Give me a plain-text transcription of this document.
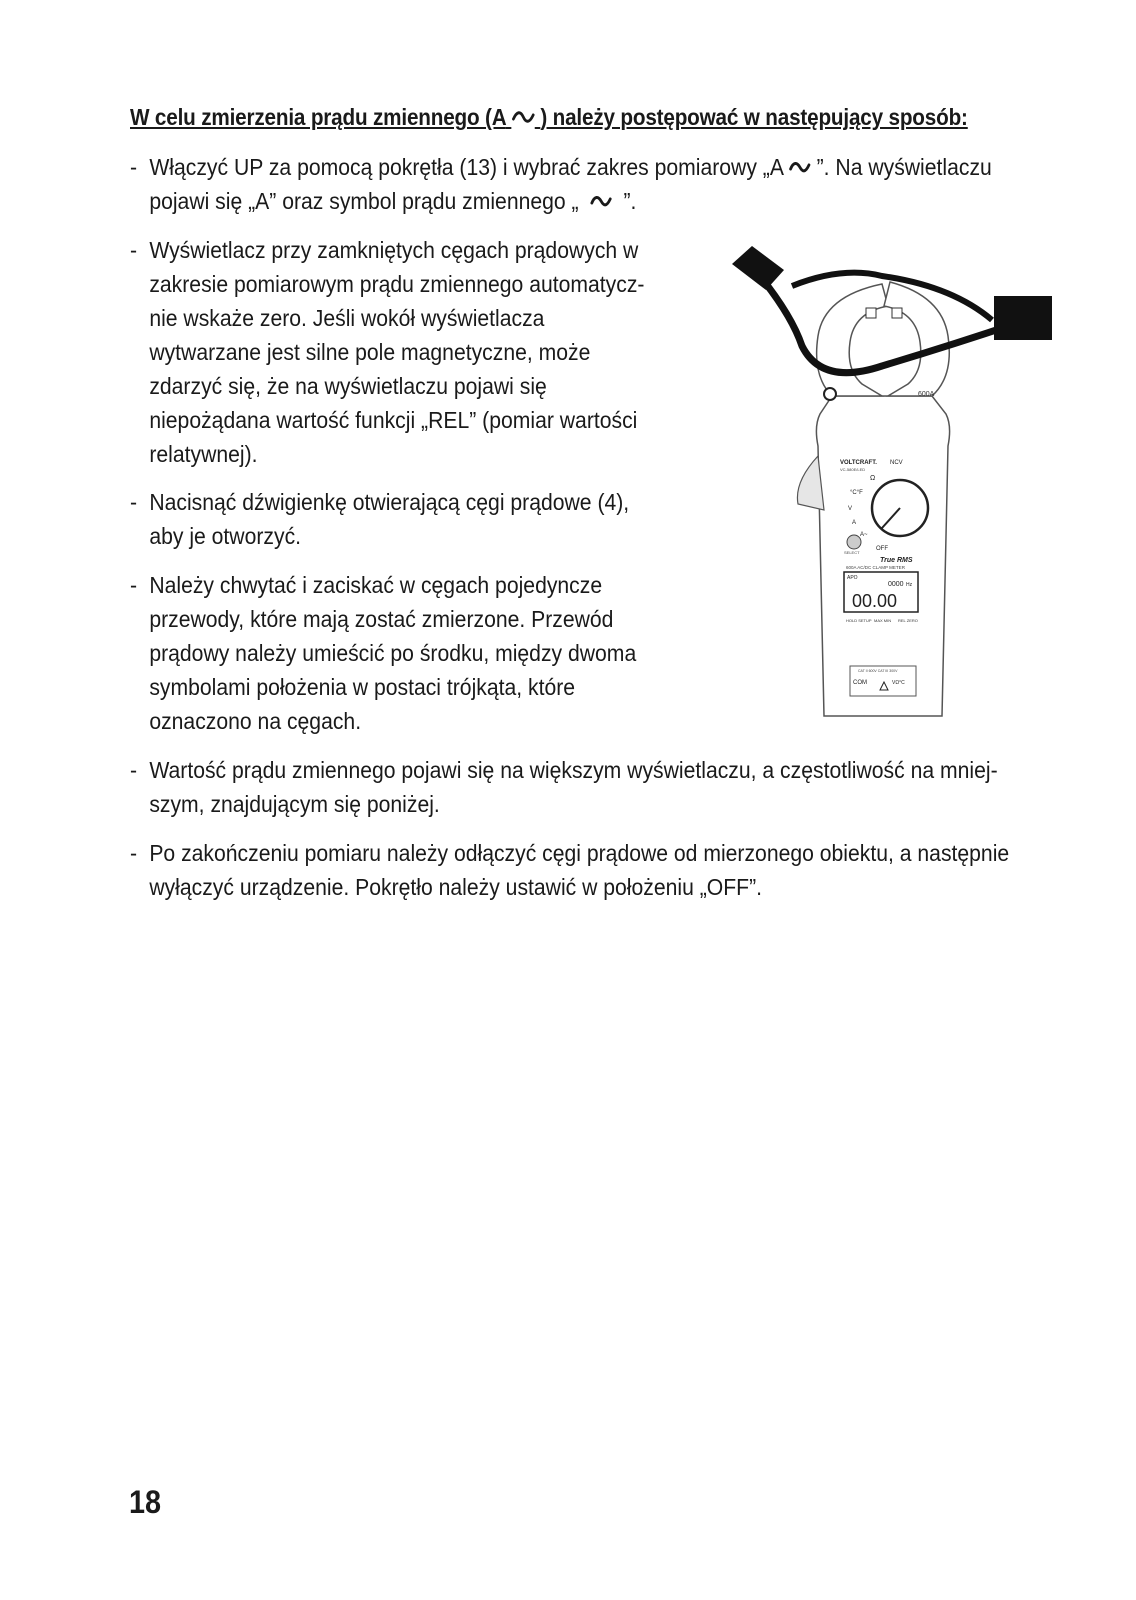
W celu zmierzenia prądu zmiennego (A ) należy postępować w następujący sposób:
- Włączyć UP za pomocą pokrętła (13) i wybrać zakres pomiarowy „A ”. Na wyświetlaczu
pojawi się „A” oraz symbol prądu zmiennego „ ”.
- Wyświetlacz przy zamkniętych cęgach prądowych w
zakresie pomiarowym prądu zmiennego automatycz-
nie wskaże zero. Jeśli wokół wyświetlacza
wytwarzane jest silne pole magnetyczne, może
zdarzyć się, że na wyświetlaczu pojawi się
niepożądana wartość funkcji „REL” (pomiar wartości
relatywnej).
- Nacisnąć dźwigienkę otwierającą cęgi prądowe (4),
aby je otworzyć.
- Należy chwytać i zaciskać w cęgach pojedyncze
przewody, które mają zostać zmierzone. Przewód
prądowy należy umieścić po środku, między dwoma
symbolami położenia w postaci trójkąta, które
oznaczono na cęgach.
- Wartość prądu zmiennego pojawi się na większym wyświetlaczu, a częstotliwość na mniej-
szym, znajdującym się poniżej.
- Po zakończeniu pomiaru należy odłączyć cęgi prądowe od mierzonego obiektu, a następnie
wyłączyć urządzenie. Pokrętło należy ustawić w położeniu „OFF”.
600A
VOLTCRAFT.
VC-580E/LED
NCV
Ω
°C°F
V
A
A~
OFF
SELECT
True RMS
600A AC/DC CLAMP METER
APO
0000 Hz
00.00
HOLD SETUP MAX MIN REL ZERO
CAT II 600V CAT III 300V
COM	VΩ°C
18
